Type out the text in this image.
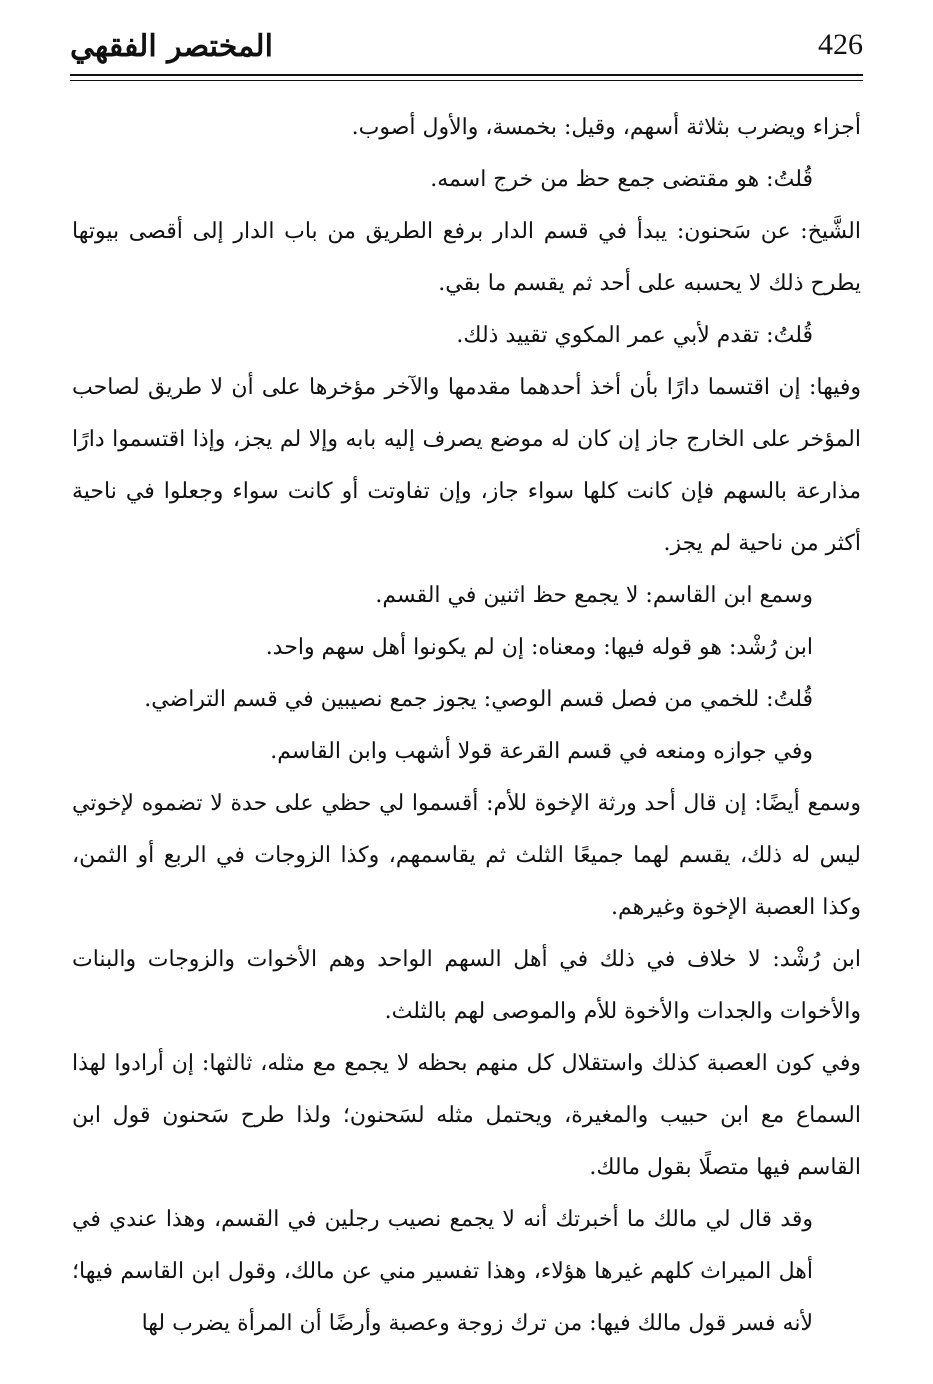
المختصر الفقهي	426

أجزاء ويضرب بثلاثة أسهم، وقيل: بخمسة، والأول أصوب.

قُلتُ: هو مقتضى جمع حظ من خرج اسمه.

الشَّيخ: عن سَحنون: يبدأ في قسم الدار برفع الطريق من باب الدار إلى أقصى بيوتها يطرح ذلك لا يحسبه على أحد ثم يقسم ما بقي.

قُلتُ: تقدم لأبي عمر المكوي تقييد ذلك.

وفيها: إن اقتسما دارًا بأن أخذ أحدهما مقدمها والآخر مؤخرها على أن لا طريق لصاحب المؤخر على الخارج جاز إن كان له موضع يصرف إليه بابه وإلا لم يجز، وإذا اقتسموا دارًا مذارعة بالسهم فإن كانت كلها سواء جاز، وإن تفاوتت أو كانت سواء وجعلوا في ناحية أكثر من ناحية لم يجز.

وسمع ابن القاسم: لا يجمع حظ اثنين في القسم.

ابن رُشْد: هو قوله فيها: ومعناه: إن لم يكونوا أهل سهم واحد.

قُلتُ: للخمي من فصل قسم الوصي: يجوز جمع نصيبين في قسم التراضي.

وفي جوازه ومنعه في قسم القرعة قولا أشهب وابن القاسم.

وسمع أيضًا: إن قال أحد ورثة الإخوة للأم: أقسموا لي حظي على حدة لا تضموه لإخوتي ليس له ذلك، يقسم لهما جميعًا الثلث ثم يقاسمهم، وكذا الزوجات في الربع أو الثمن، وكذا العصبة الإخوة وغيرهم.

ابن رُشْد: لا خلاف في ذلك في أهل السهم الواحد وهم الأخوات والزوجات والبنات والأخوات والجدات والأخوة للأم والموصى لهم بالثلث.

وفي كون العصبة كذلك واستقلال كل منهم بحظه لا يجمع مع مثله، ثالثها: إن أرادوا لهذا السماع مع ابن حبيب والمغيرة، ويحتمل مثله لسَحنون؛ ولذا طرح سَحنون قول ابن القاسم فيها متصلًا بقول مالك.

وقد قال لي مالك ما أخبرتك أنه لا يجمع نصيب رجلين في القسم، وهذا عندي في أهل الميراث كلهم غيرها هؤلاء، وهذا تفسير مني عن مالك، وقول ابن القاسم فيها؛ لأنه فسر قول مالك فيها: من ترك زوجة وعصبة وأرضًا أن المرأة يضرب لها
